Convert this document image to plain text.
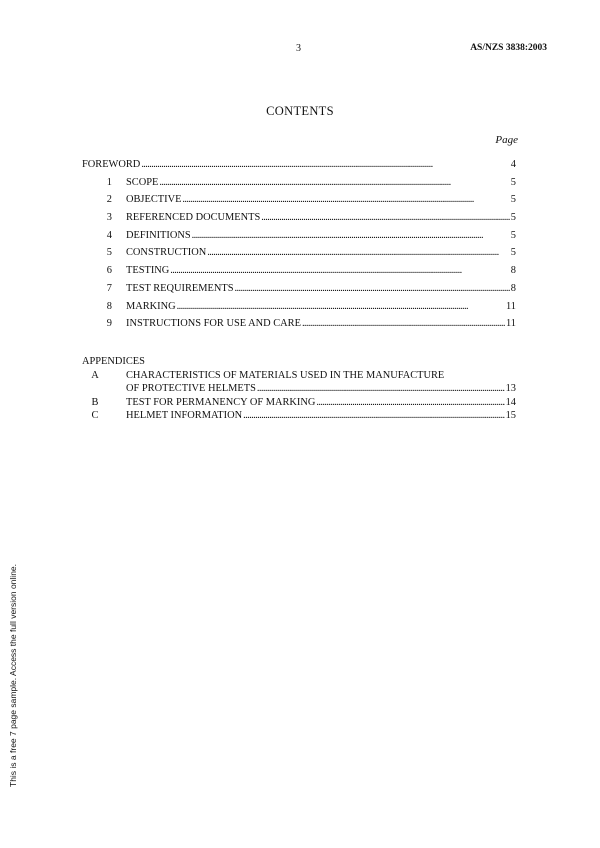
3	AS/NZS 3838:2003
CONTENTS
Page
FOREWORD . . .	4
1 SCOPE . . .	5
2 OBJECTIVE . . .	5
3 REFERENCED DOCUMENTS . . .	5
4 DEFINITIONS . . .	5
5 CONSTRUCTION . . .	5
6 TESTING . . .	8
7 TEST REQUIREMENTS . . .	8
8 MARKING . . .	11
9 INSTRUCTIONS FOR USE AND CARE . . .	11
APPENDICES
A	CHARACTERISTICS OF MATERIALS USED IN THE MANUFACTURE
OF PROTECTIVE HELMETS . . .	13
B	TEST FOR PERMANENCY OF MARKING . . .	14
C	HELMET INFORMATION . . .	15
This is a free 7 page sample. Access the full version online.
